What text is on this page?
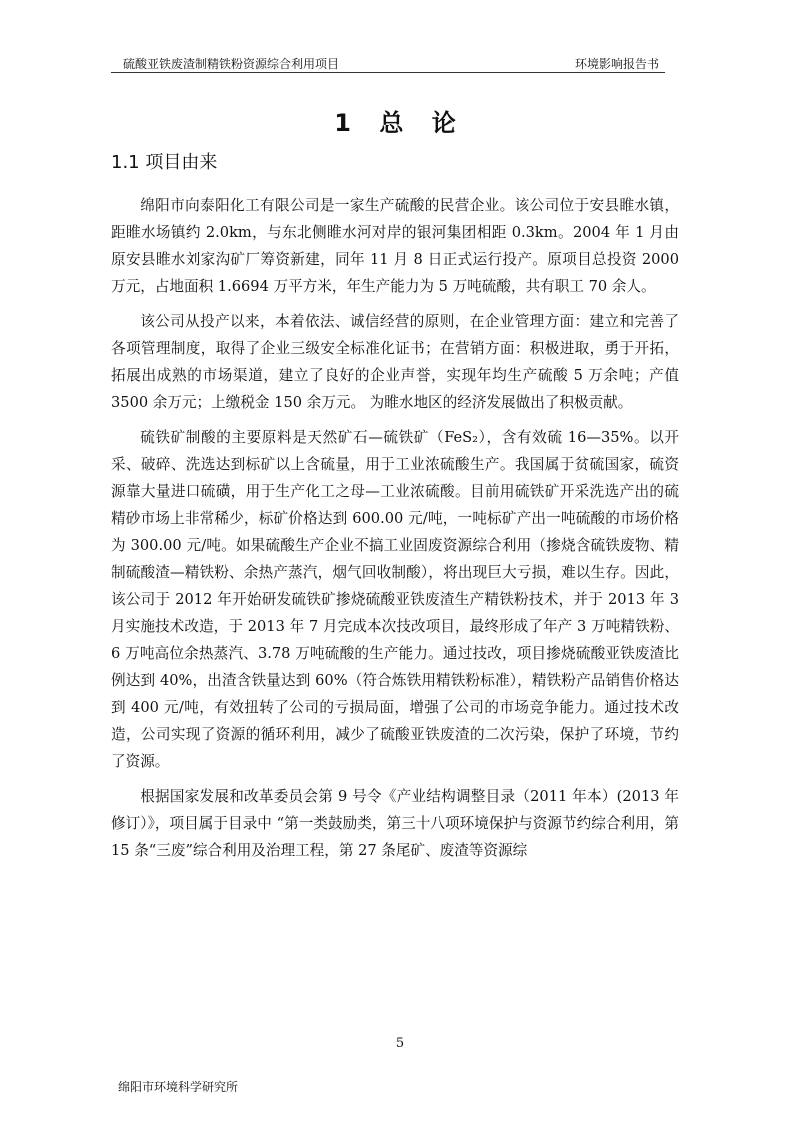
硫酸亚铁废渣制精铁粉资源综合利用项目	环境影响报告书
1 总 论
1.1 项目由来

绵阳市向泰阳化工有限公司是一家生产硫酸的民营企业。该公司位于安县睢水镇，距睢水场镇约 2.0km，与东北侧睢水河对岸的银河集团相距 0.3km。2004 年 1 月由原安县睢水刘家沟矿厂筹资新建，同年 11 月 8 日正式运行投产。原项目总投资 2000 万元，占地面积 1.6694 万平方米，年生产能力为 5 万吨硫酸，共有职工 70 余人。

该公司从投产以来，本着依法、诚信经营的原则，在企业管理方面：建立和完善了各项管理制度，取得了企业三级安全标准化证书；在营销方面：积极进取，勇于开拓，拓展出成熟的市场渠道，建立了良好的企业声誉，实现年均生产硫酸 5 万余吨；产值 3500 余万元；上缴税金 150 余万元。 为睢水地区的经济发展做出了积极贡献。

硫铁矿制酸的主要原料是天然矿石—硫铁矿（FeS₂），含有效硫 16—35%。以开采、破碎、洗选达到标矿以上含硫量，用于工业浓硫酸生产。我国属于贫硫国家，硫资源靠大量进口硫磺，用于生产化工之母—工业浓硫酸。目前用硫铁矿开采洗选产出的硫精砂市场上非常稀少，标矿价格达到 600.00 元/吨，一吨标矿产出一吨硫酸的市场价格为 300.00 元/吨。如果硫酸生产企业不搞工业固废资源综合利用（掺烧含硫铁废物、精制硫酸渣—精铁粉、余热产蒸汽，烟气回收制酸），将出现巨大亏损，难以生存。因此，该公司于 2012 年开始研发硫铁矿掺烧硫酸亚铁废渣生产精铁粉技术，并于 2013 年 3 月实施技术改造，于 2013 年 7 月完成本次技改项目，最终形成了年产 3 万吨精铁粉、6 万吨高位余热蒸汽、3.78 万吨硫酸的生产能力。通过技改，项目掺烧硫酸亚铁废渣比例达到 40%，出渣含铁量达到 60%（符合炼铁用精铁粉标准），精铁粉产品销售价格达到 400 元/吨，有效扭转了公司的亏损局面，增强了公司的市场竞争能力。通过技术改造，公司实现了资源的循环利用，减少了硫酸亚铁废渣的二次污染，保护了环境，节约了资源。

根据国家发展和改革委员会第 9 号令《产业结构调整目录（2011 年本）(2013 年修订）》，项目属于目录中 “第一类鼓励类，第三十八项环境保护与资源节约综合利用，第 15 条“三废”综合利用及治理工程，第 27 条尾矿、废渣等资源综

5
绵阳市环境科学研究所
